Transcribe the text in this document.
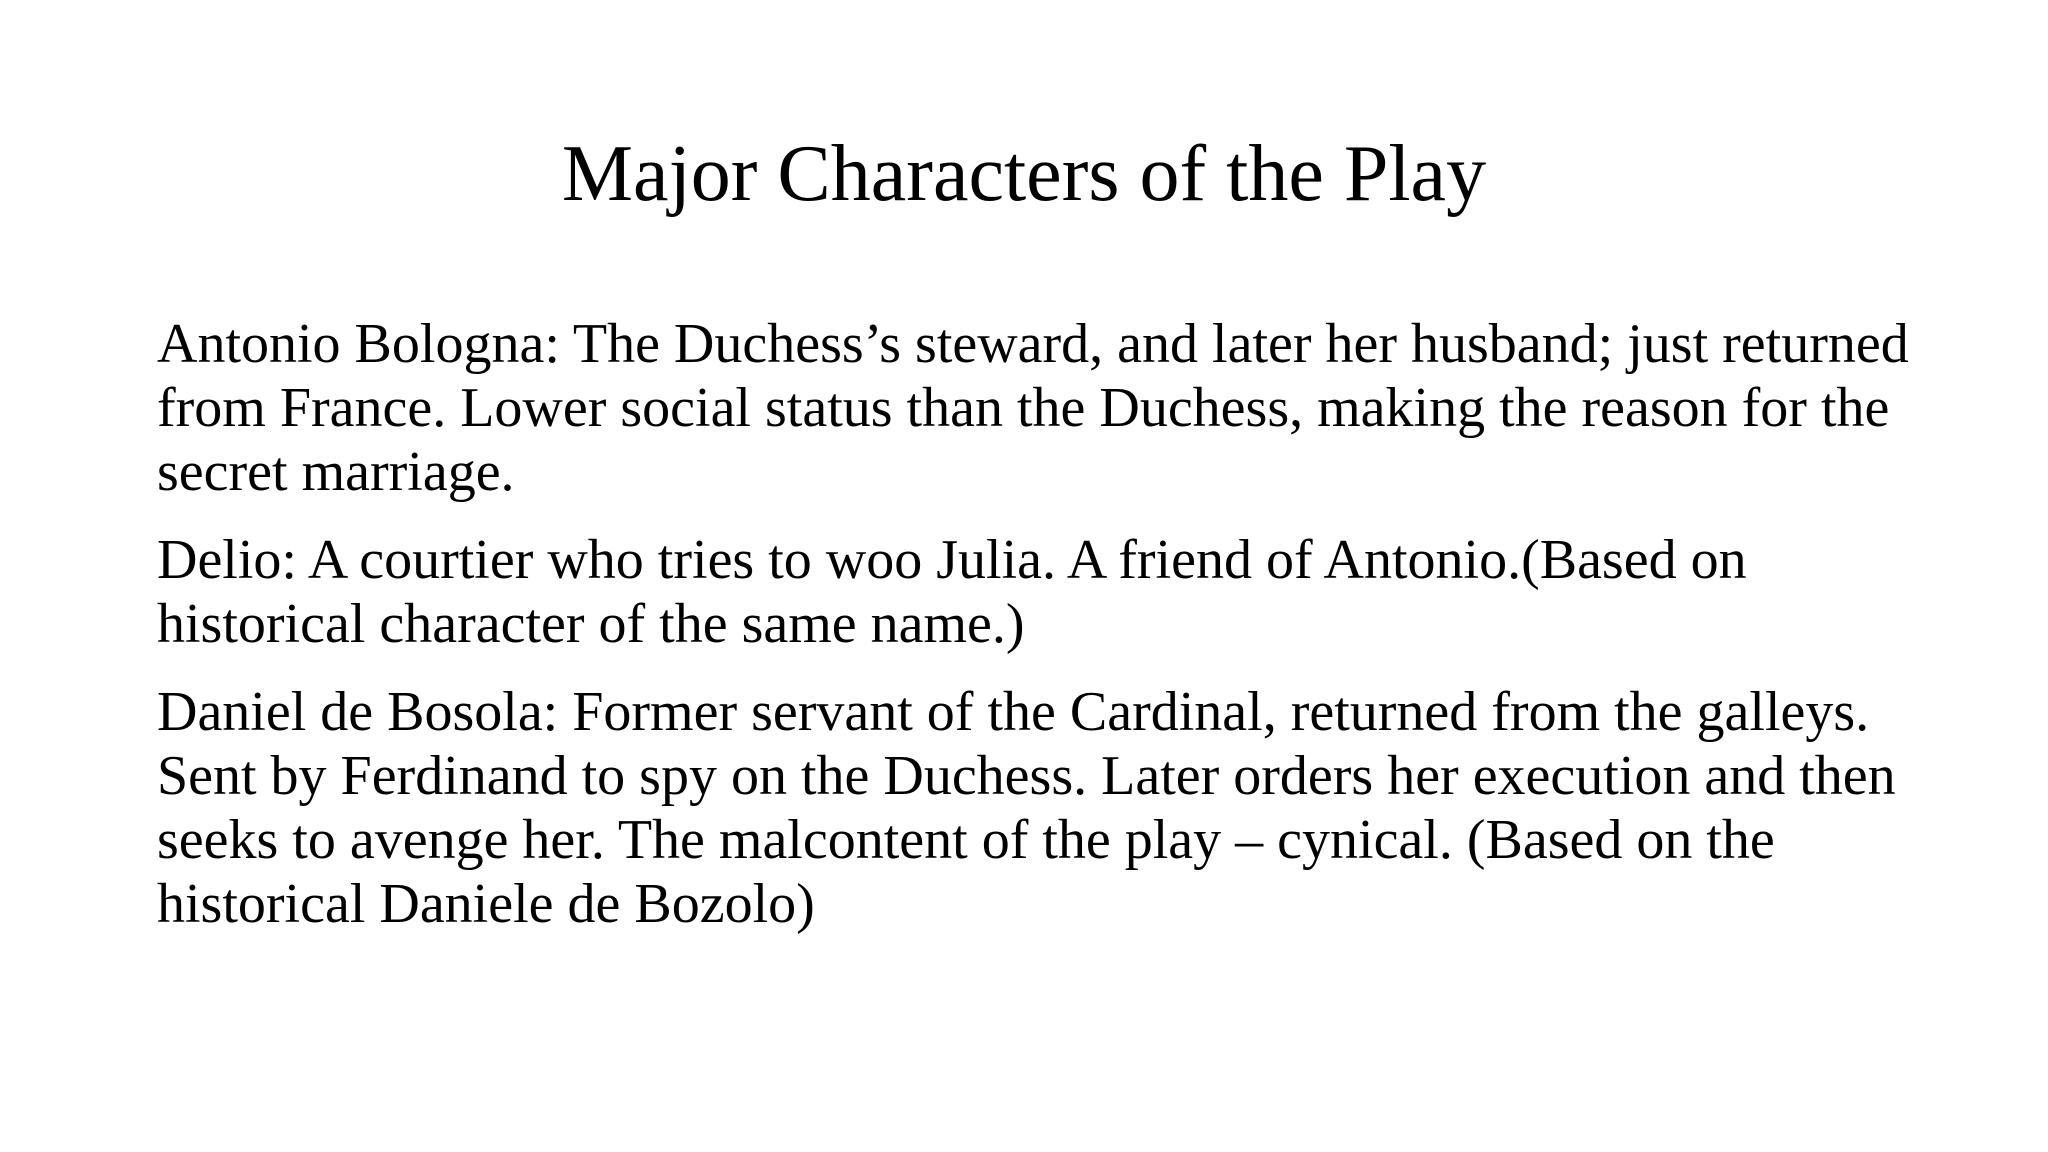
Major Characters of the Play
Antonio Bologna: The Duchess’s steward, and later her husband; just returned from France. Lower social status than the Duchess, making the reason for the secret marriage.
Delio: A courtier who tries to woo Julia. A friend of Antonio.(Based on historical character of the same name.)
Daniel de Bosola: Former servant of the Cardinal, returned from the galleys. Sent by Ferdinand to spy on the Duchess. Later orders her execution and then seeks to avenge her. The malcontent of the play – cynical. (Based on the historical Daniele de Bozolo)
